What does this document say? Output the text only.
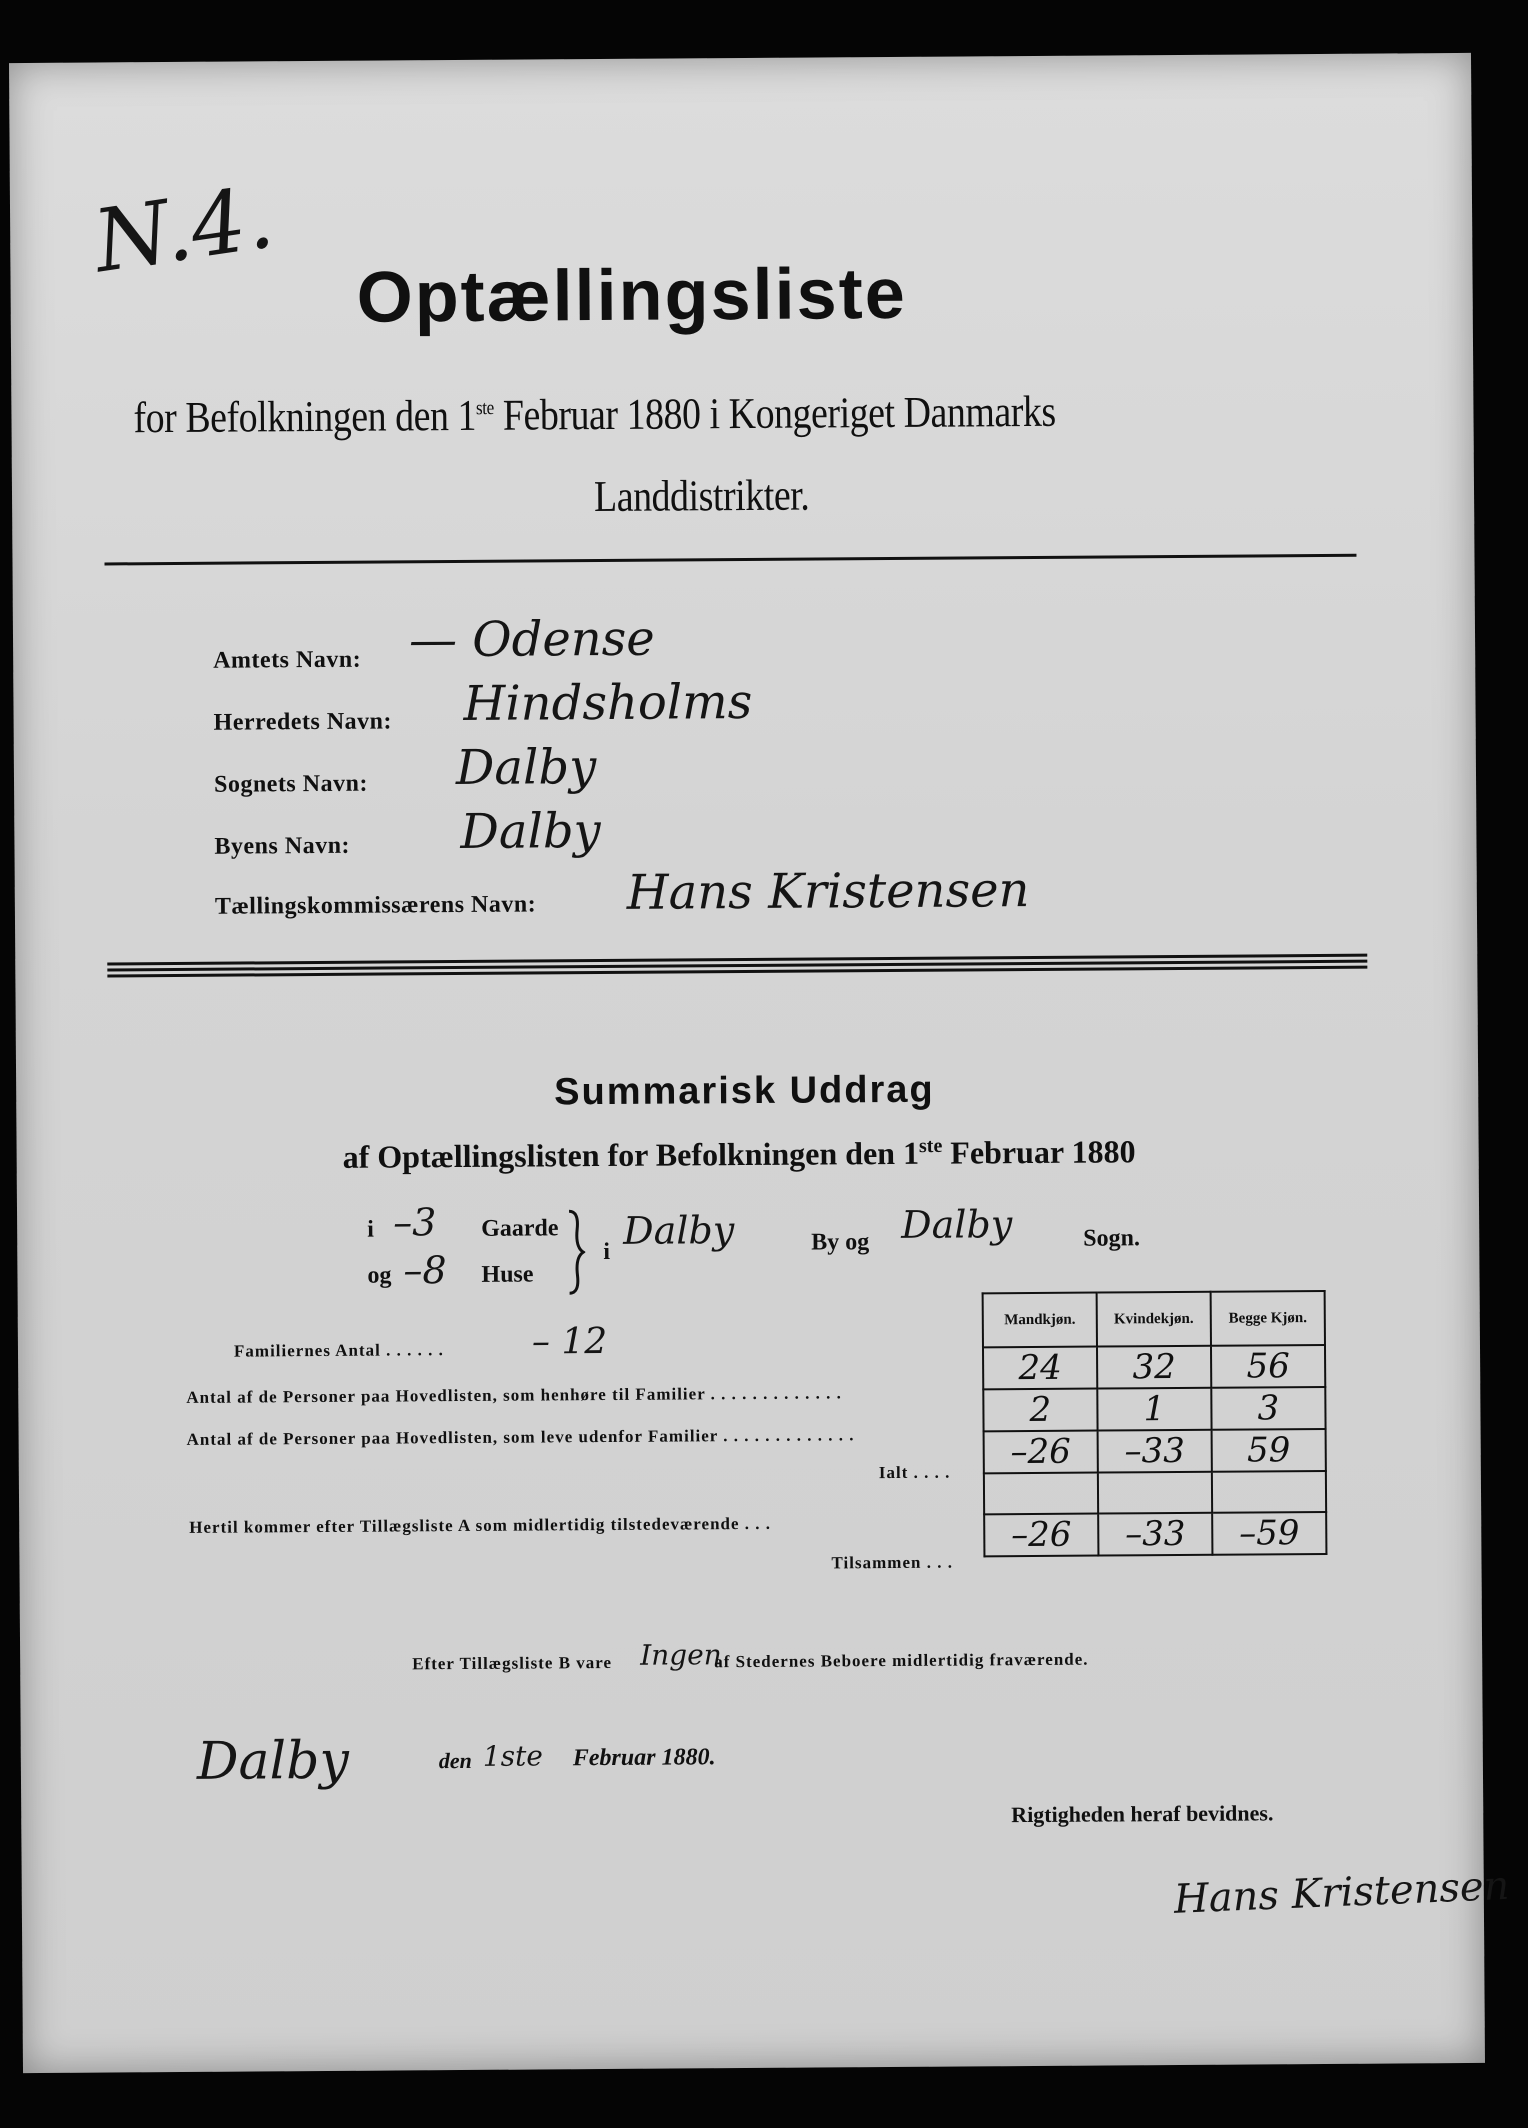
N.4.
Optællingsliste
for Befolkningen den 1ste Februar 1880 i Kongeriget Danmarks
Landdistrikter.
Amtets Navn: — Odense
Herredets Navn: Hindsholms
Sognets Navn: Dalby
Byens Navn: Dalby
Tællingskommissærens Navn: Hans Kristensen
Summarisk Uddrag
af Optællingslisten for Befolkningen den 1ste Februar 1880
i –3 Gaarde
og –8 Huse
i Dalby	By og Dalby	Sogn.
Familiernes Antal . . . . . . – 12
Antal af de Personer paa Hovedlisten, som henhøre til Familier . . . . . . . . . . . . .
Antal af de Personer paa Hovedlisten, som leve udenfor Familier . . . . . . . . . . . . .
Ialt . . . .
Hertil kommer efter Tillægsliste A som midlertidig tilstedeværende . . .
Tilsammen . . .
Mandkjøn.	Kvindekjøn.	Begge Kjøn.
24	32	56
2	1	3
–26	–33	59

–26	–33	–59
Efter Tillægsliste B vare Ingen
af Stedernes Beboere midlertidig fraværende.
Dalby	den 1ste Februar 1880.
Rigtigheden heraf bevidnes.
Hans Kristensen
